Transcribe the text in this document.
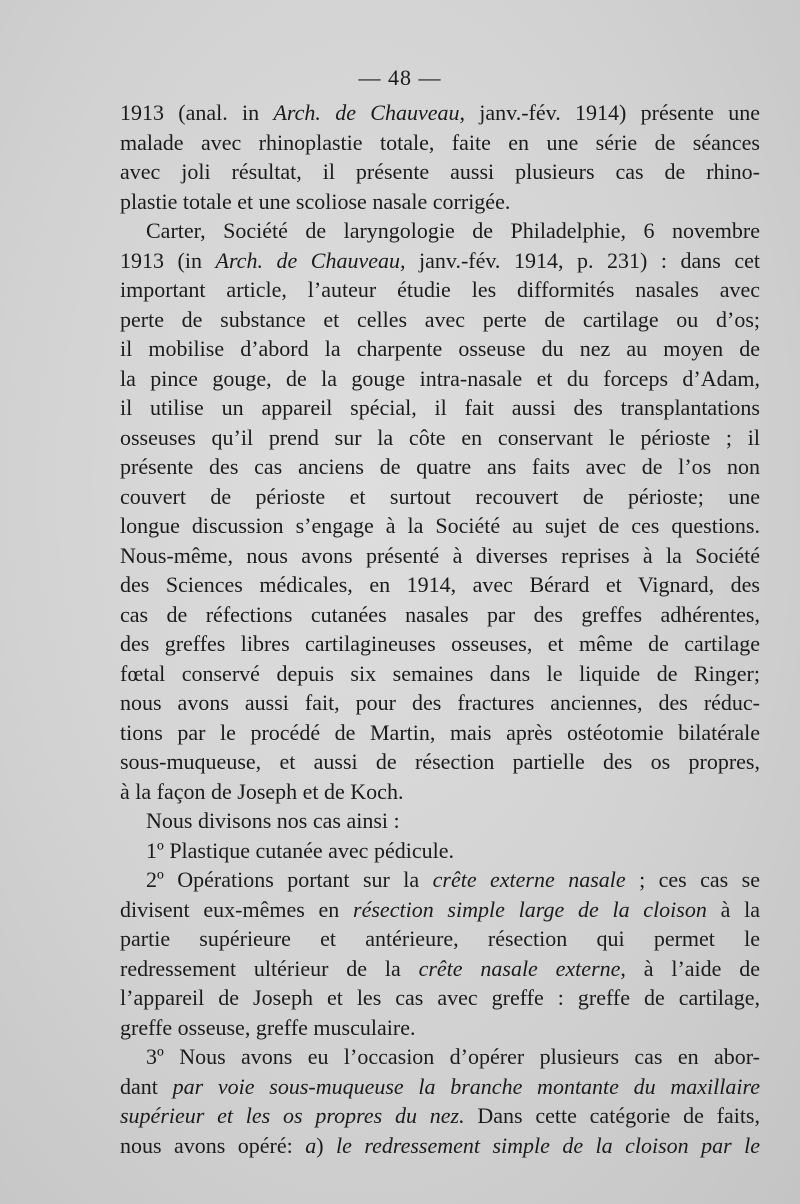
— 48 —
1913 (anal. in Arch. de Chauveau, janv.-fév. 1914) présente une
malade avec rhinoplastie totale, faite en une série de séances
avec joli résultat, il présente aussi plusieurs cas de rhino-
plastie totale et une scoliose nasale corrigée.
Carter, Société de laryngologie de Philadelphie, 6 novembre
1913 (in Arch. de Chauveau, janv.-fév. 1914, p. 231) : dans cet
important article, l’auteur étudie les difformités nasales avec
perte de substance et celles avec perte de cartilage ou d’os;
il mobilise d’abord la charpente osseuse du nez au moyen de
la pince gouge, de la gouge intra-nasale et du forceps d’Adam,
il utilise un appareil spécial, il fait aussi des transplantations
osseuses qu’il prend sur la côte en conservant le périoste ; il
présente des cas anciens de quatre ans faits avec de l’os non
couvert de périoste et surtout recouvert de périoste; une
longue discussion s’engage à la Société au sujet de ces questions.
Nous-même, nous avons présenté à diverses reprises à la Société
des Sciences médicales, en 1914, avec Bérard et Vignard, des
cas de réfections cutanées nasales par des greffes adhérentes,
des greffes libres cartilagineuses osseuses, et même de cartilage
fœtal conservé depuis six semaines dans le liquide de Ringer;
nous avons aussi fait, pour des fractures anciennes, des réduc-
tions par le procédé de Martin, mais après ostéotomie bilatérale
sous-muqueuse, et aussi de résection partielle des os propres,
à la façon de Joseph et de Koch.
Nous divisons nos cas ainsi :
1º Plastique cutanée avec pédicule.
2º Opérations portant sur la crête externe nasale ; ces cas se
divisent eux-mêmes en résection simple large de la cloison à la
partie supérieure et antérieure, résection qui permet le
redressement ultérieur de la crête nasale externe, à l’aide de
l’appareil de Joseph et les cas avec greffe : greffe de cartilage,
greffe osseuse, greffe musculaire.
3º Nous avons eu l’occasion d’opérer plusieurs cas en abor-
dant par voie sous-muqueuse la branche montante du maxillaire
supérieur et les os propres du nez. Dans cette catégorie de faits,
nous avons opéré: a) le redressement simple de la cloison par le
